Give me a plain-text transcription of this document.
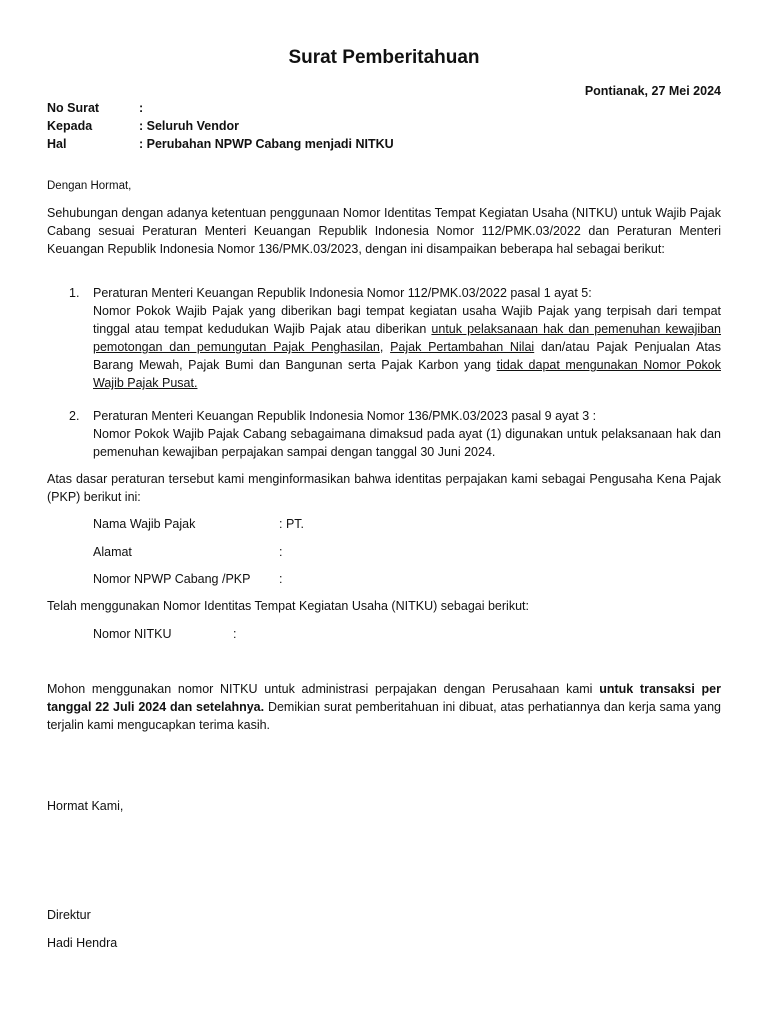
Surat Pemberitahuan
Pontianak, 27 Mei 2024
No Surat	:
Kepada	: Seluruh Vendor
Hal	: Perubahan NPWP Cabang menjadi NITKU
Dengan Hormat,
Sehubungan dengan adanya ketentuan penggunaan Nomor Identitas Tempat Kegiatan Usaha (NITKU) untuk Wajib Pajak Cabang sesuai Peraturan Menteri Keuangan Republik Indonesia Nomor 112/PMK.03/2022 dan Peraturan Menteri Keuangan Republik Indonesia Nomor 136/PMK.03/2023, dengan ini disampaikan beberapa hal sebagai berikut:
1. Peraturan Menteri Keuangan Republik Indonesia Nomor 112/PMK.03/2022 pasal 1 ayat 5:
Nomor Pokok Wajib Pajak yang diberikan bagi tempat kegiatan usaha Wajib Pajak yang terpisah dari tempat tinggal atau tempat kedudukan Wajib Pajak atau diberikan untuk pelaksanaan hak dan pemenuhan kewajiban pemotongan dan pemungutan Pajak Penghasilan, Pajak Pertambahan Nilai dan/atau Pajak Penjualan Atas Barang Mewah, Pajak Bumi dan Bangunan serta Pajak Karbon yang tidak dapat mengunakan Nomor Pokok Wajib Pajak Pusat.
2. Peraturan Menteri Keuangan Republik Indonesia Nomor 136/PMK.03/2023 pasal 9 ayat 3 :
Nomor Pokok Wajib Pajak Cabang sebagaimana dimaksud pada ayat (1) digunakan untuk pelaksanaan hak dan pemenuhan kewajiban perpajakan sampai dengan tanggal 30 Juni 2024.
Atas dasar peraturan tersebut kami menginformasikan bahwa identitas perpajakan kami sebagai Pengusaha Kena Pajak (PKP) berikut ini:
Nama Wajib Pajak	: PT.
Alamat	:
Nomor NPWP Cabang /PKP	:
Telah menggunakan Nomor Identitas Tempat Kegiatan Usaha (NITKU) sebagai berikut:
Nomor NITKU	:
Mohon menggunakan nomor NITKU untuk administrasi perpajakan dengan Perusahaan kami untuk transaksi per tanggal 22 Juli 2024 dan setelahnya. Demikian surat pemberitahuan ini dibuat, atas perhatiannya dan kerja sama yang terjalin kami mengucapkan terima kasih.
Hormat Kami,
Direktur
Hadi Hendra
